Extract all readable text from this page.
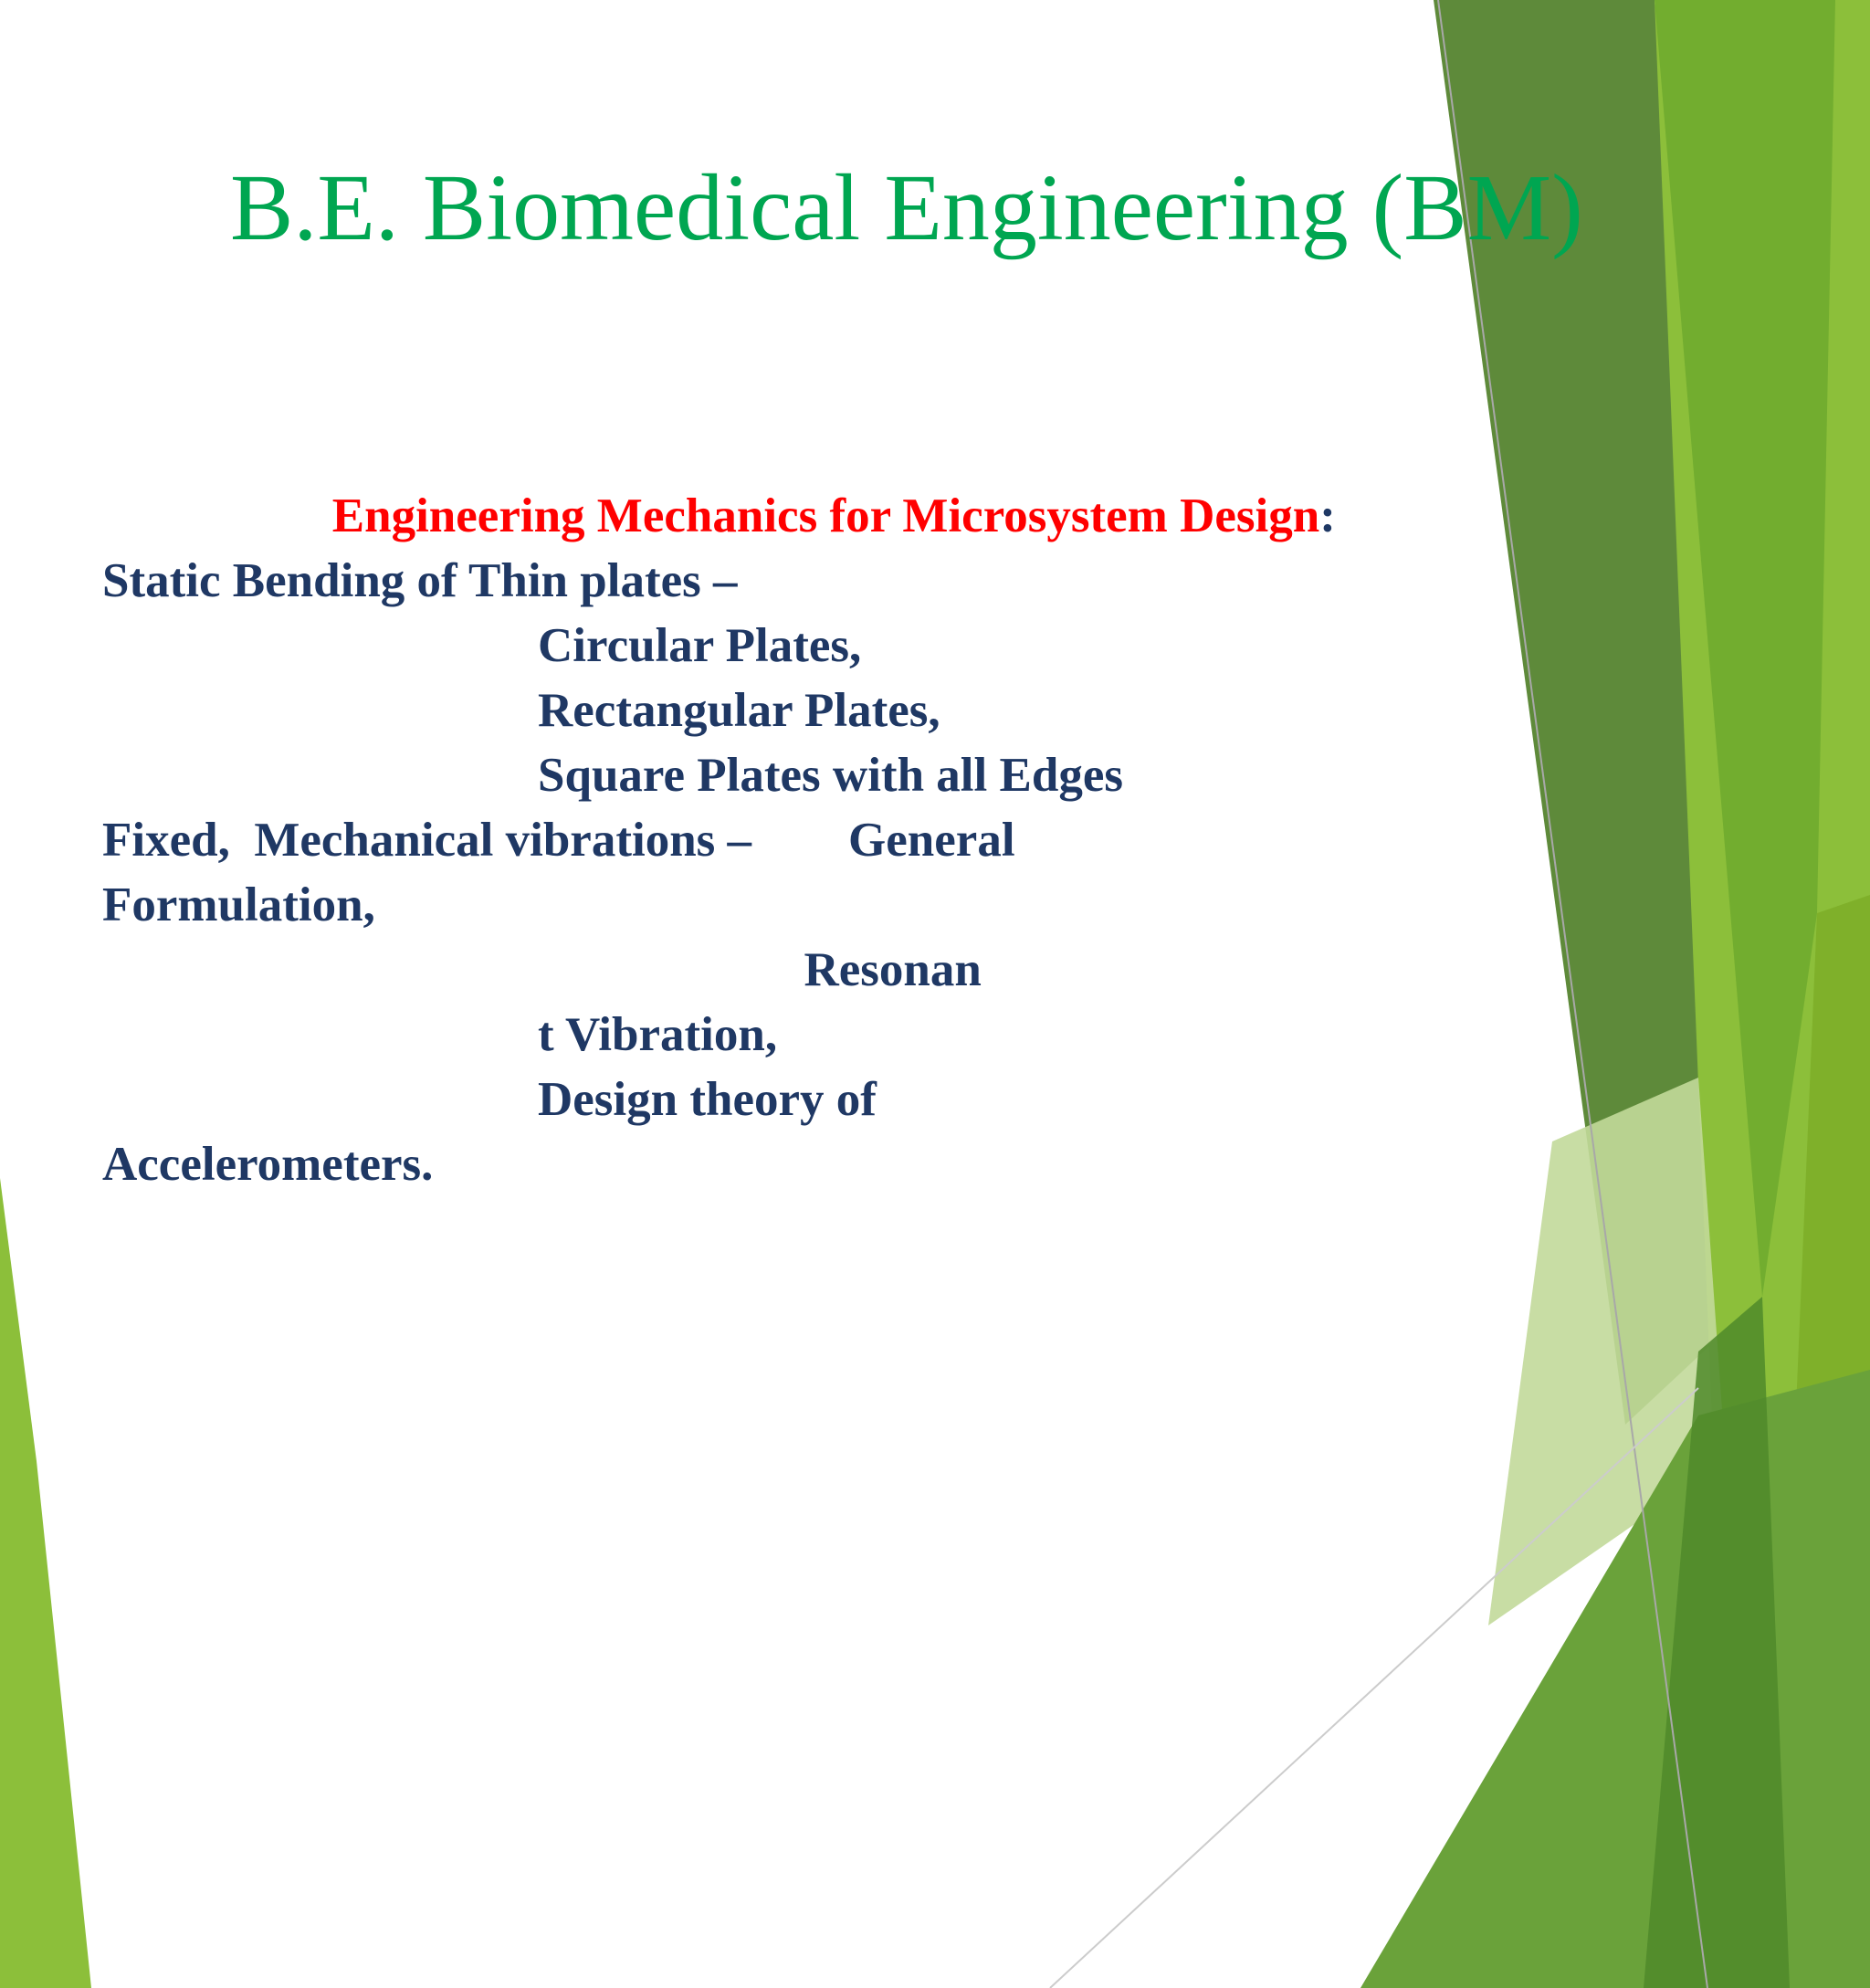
B.E. Biomedical Engineering (BM)
Engineering Mechanics for Microsystem Design:
Static Bending of Thin plates –
Circular Plates,
Rectangular Plates,
Square Plates with all Edges
Fixed,  Mechanical vibrations –        General
Formulation,
Resonan
t Vibration,
Design theory of
Accelerometers.
